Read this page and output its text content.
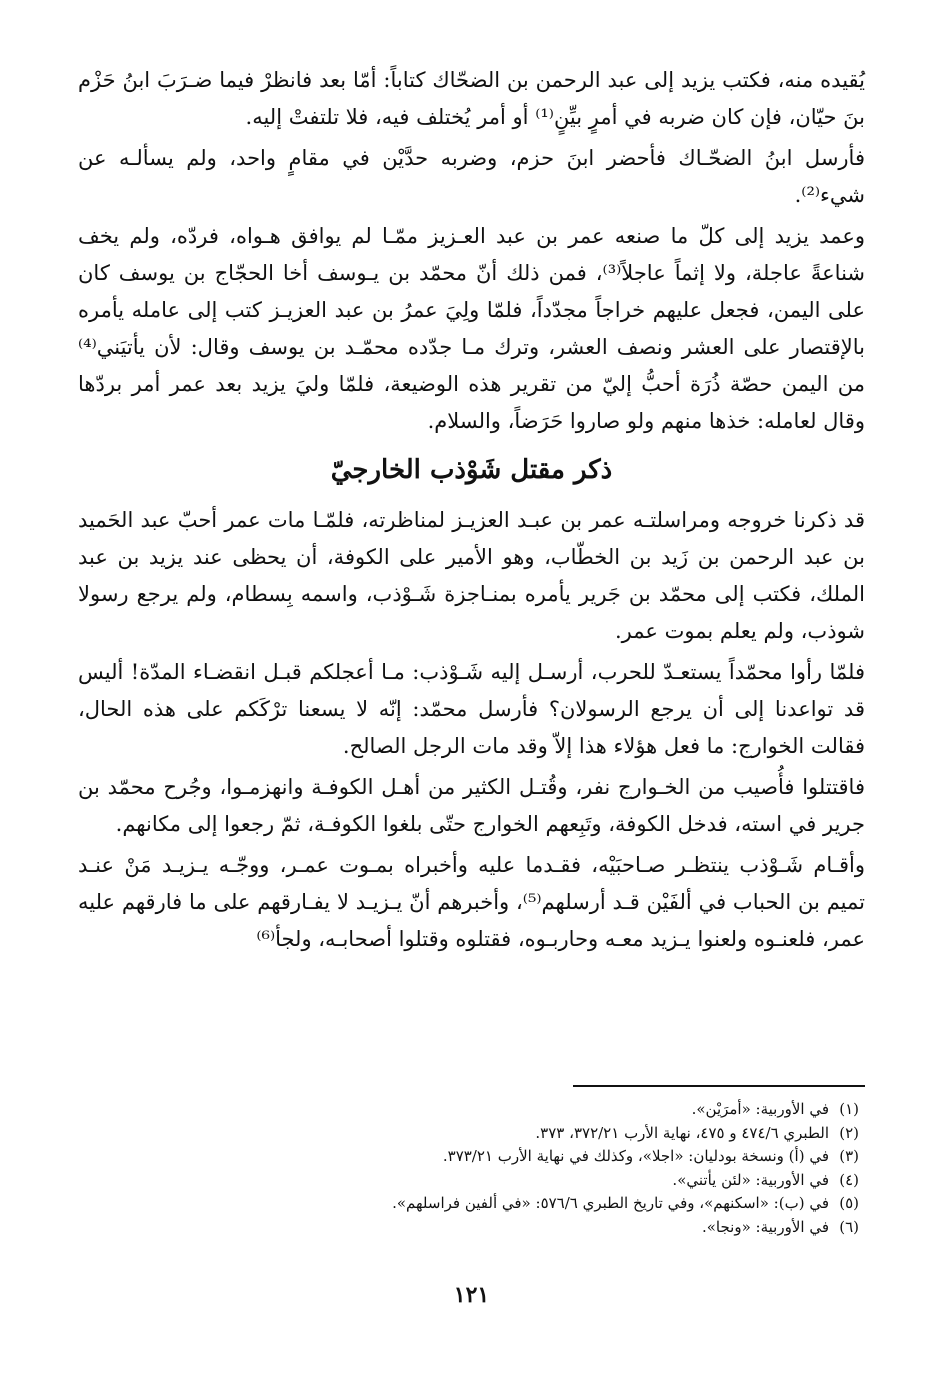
يُقيده منه، فكتب يزيد إلى عبد الرحمن بن الضحّاك كتاباً: أمّا بعد فانظرْ فيما ضـرَبَ ابنُ حَزْم بنَ حيّان، فإن كان ضربه في أمرٍ بيِّنٍ⁽¹⁾ أو أمر يُختلف فيه، فلا تلتفتْ إليه.

فأرسل ابنُ الضحّـاك فأحضر ابنَ حزم، وضربه حدَّيْن في مقامٍ واحد، ولم يسألـه عن شيء⁽²⁾.

وعمد يزيد إلى كلّ ما صنعه عمر بن عبد العـزيز ممّـا لم يوافق هـواه، فردّه، ولم يخف شناعةً عاجلة، ولا إثماً عاجلاً⁽³⁾، فمن ذلك أنّ محمّد بن يـوسف أخا الحجّاج بن يوسف كان على اليمن، فجعل عليهم خراجاً مجدّداً، فلمّا ولِيَ عمرُ بن عبد العزيـز كتب إلى عامله يأمره بالإقتصار على العشر ونصف العشر، وترك مـا جدّده محمّـد بن يوسف وقال: لأن يأتيَني⁽⁴⁾ من اليمن حصّة ذُرَة أحبُّ إليّ من تقرير هذه الوضيعة، فلمّا وليَ يزيد بعد عمر أمر بردّها وقال لعامله: خذها منهم ولو صاروا حَرَضاً، والسلام.

ذكر مقتل شَوْذب الخارجيّ

قد ذكرنا خروجه ومراسلتـه عمر بن عبـد العزيـز لمناظرته، فلمّـا مات عمر أحبّ عبد الحَميد بن عبد الرحمن بن زَيد بن الخطّاب، وهو الأمير على الكوفة، أن يحظى عند يزيد بن عبد الملك، فكتب إلى محمّد بن جَرير يأمره بمنـاجزة شَـوْذب، واسمه بِسطام، ولم يرجع رسولا شوذب، ولم يعلم بموت عمر.

فلمّا رأوا محمّداً يستعـدّ للحرب، أرسـل إليه شَـوْذب: مـا أعجلكم قبـل انقضـاء المدّة! أليس قد تواعدنا إلى أن يرجع الرسولان؟ فأرسل محمّد: إنّه لا يسعنا ترْكَكم على هذه الحال، فقالت الخوارج: ما فعل هؤلاء هذا إلاّ وقد مات الرجل الصالح.

فاقتتلوا فأُصيب من الخـوارج نفر، وقُتـل الكثير من أهـل الكوفـة وانهزمـوا، وجُرح محمّد بن جرير في استه، فدخل الكوفة، وتَبِعهم الخوارج حتّى بلغوا الكوفـة، ثمّ رجعوا إلى مكانهم.

وأقـام شَـوْذب ينتظـر صـاحبَيْه، فقـدما عليه وأخبراه بمـوت عمـر، ووجّـه يـزيـد مَنْ عنـد تميم بن الحباب في ألفَيْن قـد أرسلهم⁽⁵⁾، وأخبرهم أنّ يـزيـد لا يفـارقهم على ما فارقهم عليه عمر، فلعنـوه ولعنوا يـزيد معـه وحاربـوه، فقتلوه وقتلوا أصحابـه، ولجأ⁽⁶⁾

(١)
في الأوربية: «أمرَيْن».
(٢)
الطبري ٤٧٤/٦ و ٤٧٥، نهاية الأرب ٣٧٢/٢١، ٣٧٣.
(٣)
في (أ) ونسخة بودليان: «اجلا»، وكذلك في نهاية الأرب ٣٧٣/٢١.
(٤)
في الأوربية: «لئن يأتني».
(٥)
في (ب): «اسكنهم»، وفي تاريخ الطبري ٥٧٦/٦: «في ألفين فراسلهم».
(٦)
في الأوربية: «ونجا».
١٢١
